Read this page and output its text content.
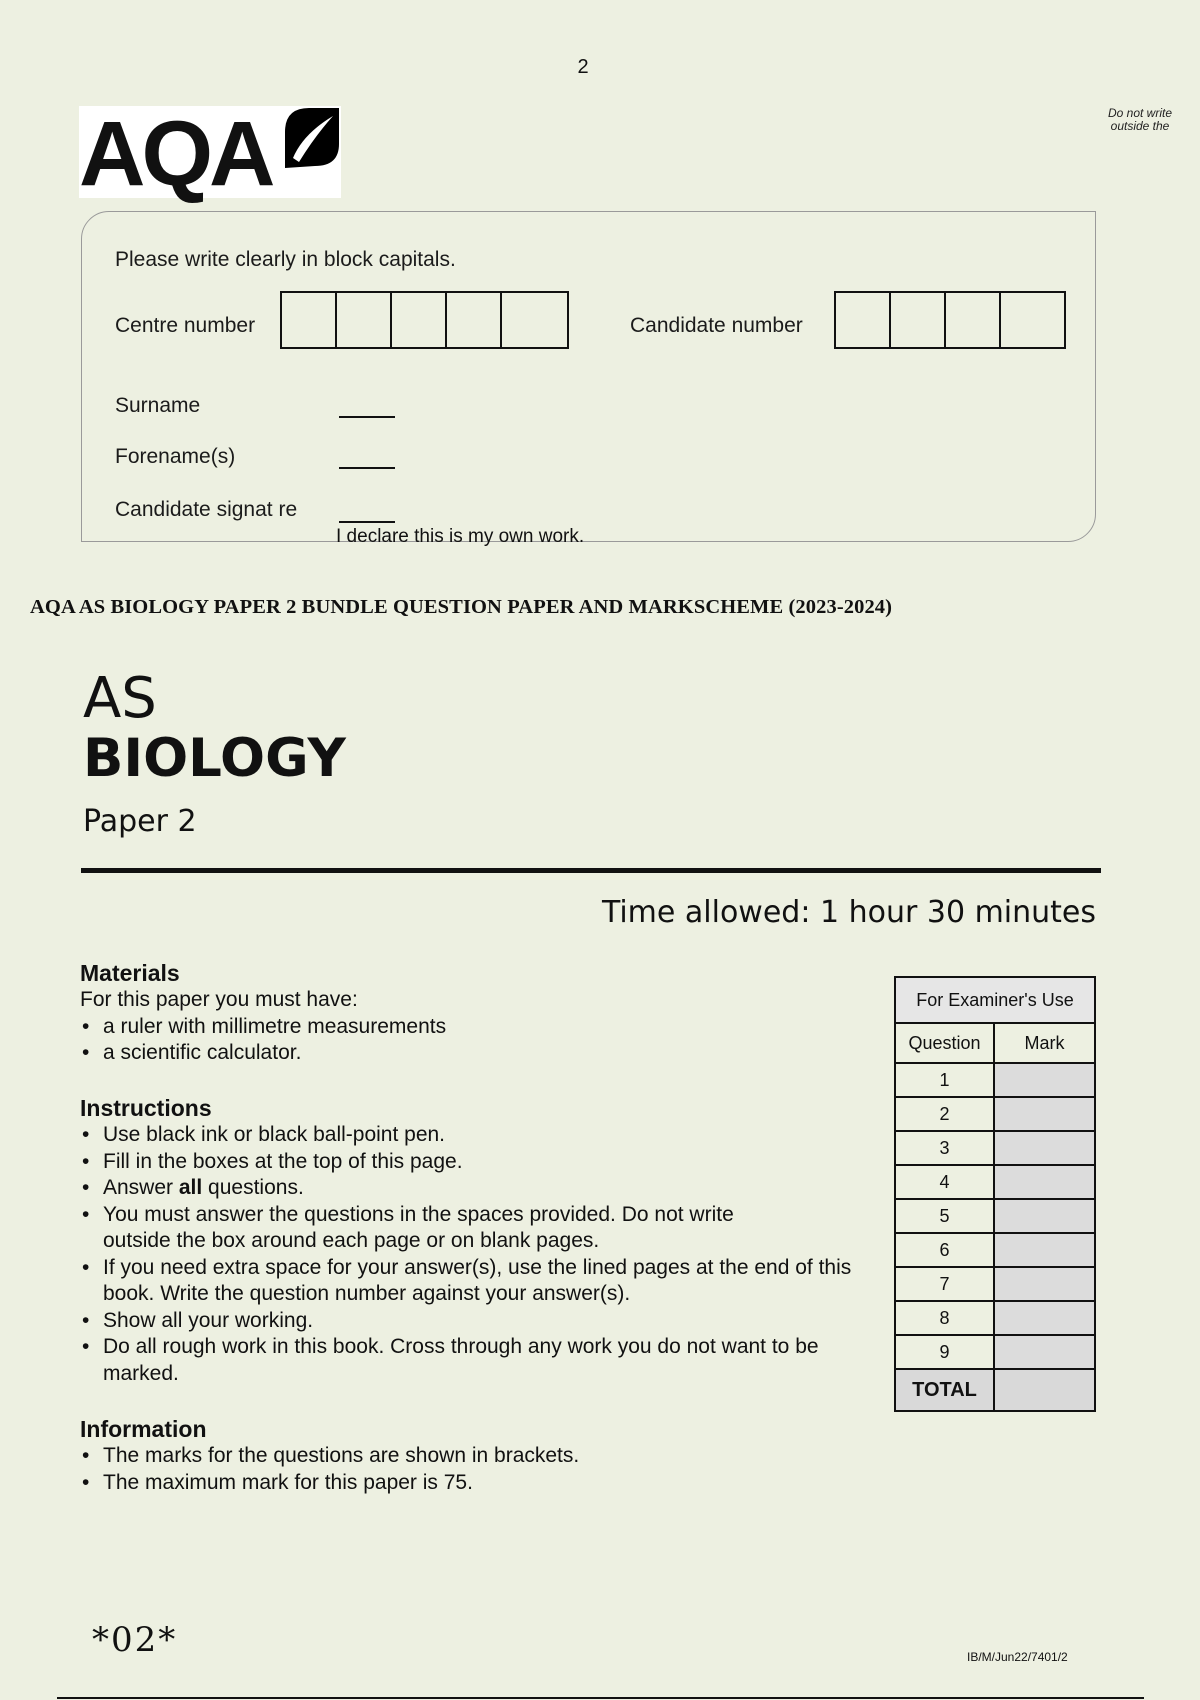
2
Do not write outside the
AQA
Please write clearly in block capitals.
Centre number	Candidate number
Surname
Forename(s)
Candidate signat re
I declare this is my own work.
AQA AS BIOLOGY PAPER 2 BUNDLE QUESTION PAPER AND MARKSCHEME (2023-2024)
AS
BIOLOGY
Paper 2
Time allowed: 1 hour 30 minutes
Materials
For this paper you must have:
• a ruler with millimetre measurements
• a scientific calculator.
Instructions
• Use black ink or black ball-point pen.
• Fill in the boxes at the top of this page.
• Answer all questions.
• You must answer the questions in the spaces provided. Do not write outside the box around each page or on blank pages.
• If you need extra space for your answer(s), use the lined pages at the end of this book. Write the question number against your answer(s).
• Show all your working.
• Do all rough work in this book. Cross through any work you do not want to be marked.
Information
• The marks for the questions are shown in brackets.
• The maximum mark for this paper is 75.
For Examiner's Use	
Question	Mark
1	
2	
3	
4	
5	
6	
7	
8	
9	
TOTAL	
*02*	IB/M/Jun22/7401/2
